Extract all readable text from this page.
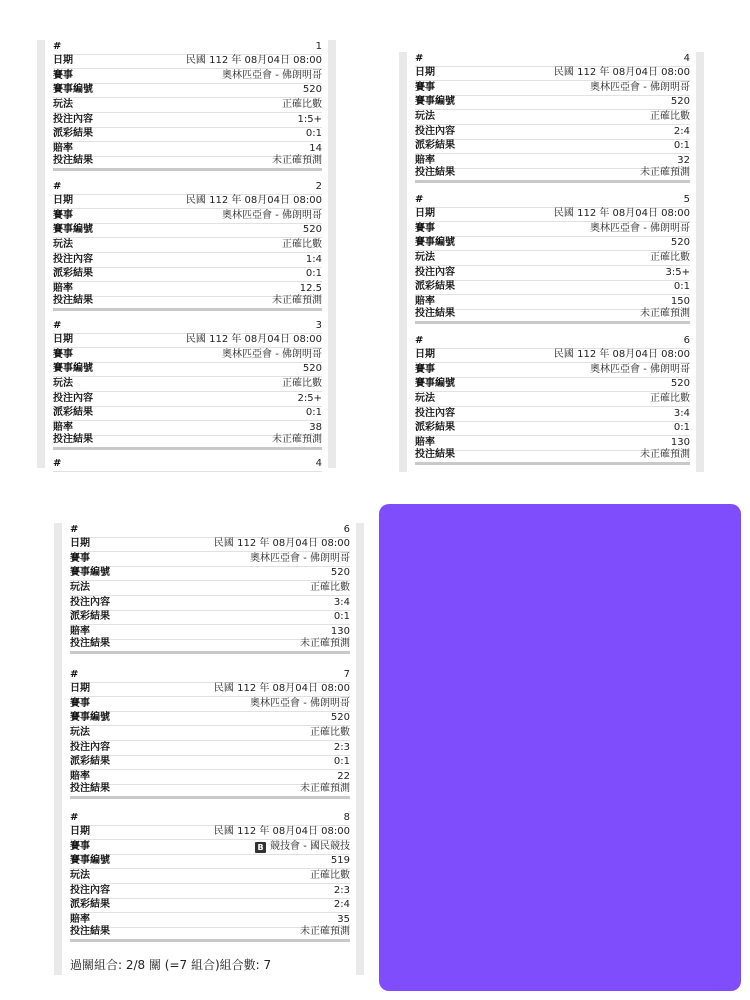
#	1
日期	民國 112 年 08月04日 08:00
賽事	奧林匹亞會 - 佛朗明哥
賽事編號	520
玩法	正確比數
投注內容	1:5+
派彩結果	0:1
賠率	14
投注結果	未正確預測
#	2
日期	民國 112 年 08月04日 08:00
賽事	奧林匹亞會 - 佛朗明哥
賽事編號	520
玩法	正確比數
投注內容	1:4
派彩結果	0:1
賠率	12.5
投注結果	未正確預測
#	3
日期	民國 112 年 08月04日 08:00
賽事	奧林匹亞會 - 佛朗明哥
賽事編號	520
玩法	正確比數
投注內容	2:5+
派彩結果	0:1
賠率	38
投注結果	未正確預測
#	4
#	4
日期	民國 112 年 08月04日 08:00
賽事	奧林匹亞會 - 佛朗明哥
賽事編號	520
玩法	正確比數
投注內容	2:4
派彩結果	0:1
賠率	32
投注結果	未正確預測
#	5
日期	民國 112 年 08月04日 08:00
賽事	奧林匹亞會 - 佛朗明哥
賽事編號	520
玩法	正確比數
投注內容	3:5+
派彩結果	0:1
賠率	150
投注結果	未正確預測
#	6
日期	民國 112 年 08月04日 08:00
賽事	奧林匹亞會 - 佛朗明哥
賽事編號	520
玩法	正確比數
投注內容	3:4
派彩結果	0:1
賠率	130
投注結果	未正確預測
#	6
日期	民國 112 年 08月04日 08:00
賽事	奧林匹亞會 - 佛朗明哥
賽事編號	520
玩法	正確比數
投注內容	3:4
派彩結果	0:1
賠率	130
投注結果	未正確預測
#	7
日期	民國 112 年 08月04日 08:00
賽事	奧林匹亞會 - 佛朗明哥
賽事編號	520
玩法	正確比數
投注內容	2:3
派彩結果	0:1
賠率	22
投注結果	未正確預測
#	8
日期	民國 112 年 08月04日 08:00
賽事	B 競技會 - 國民競技
賽事編號	519
玩法	正確比數
投注內容	2:3
派彩結果	2:4
賠率	35
投注結果	未正確預測
過關組合: 2/8 關 (=7 組合)組合數: 7
